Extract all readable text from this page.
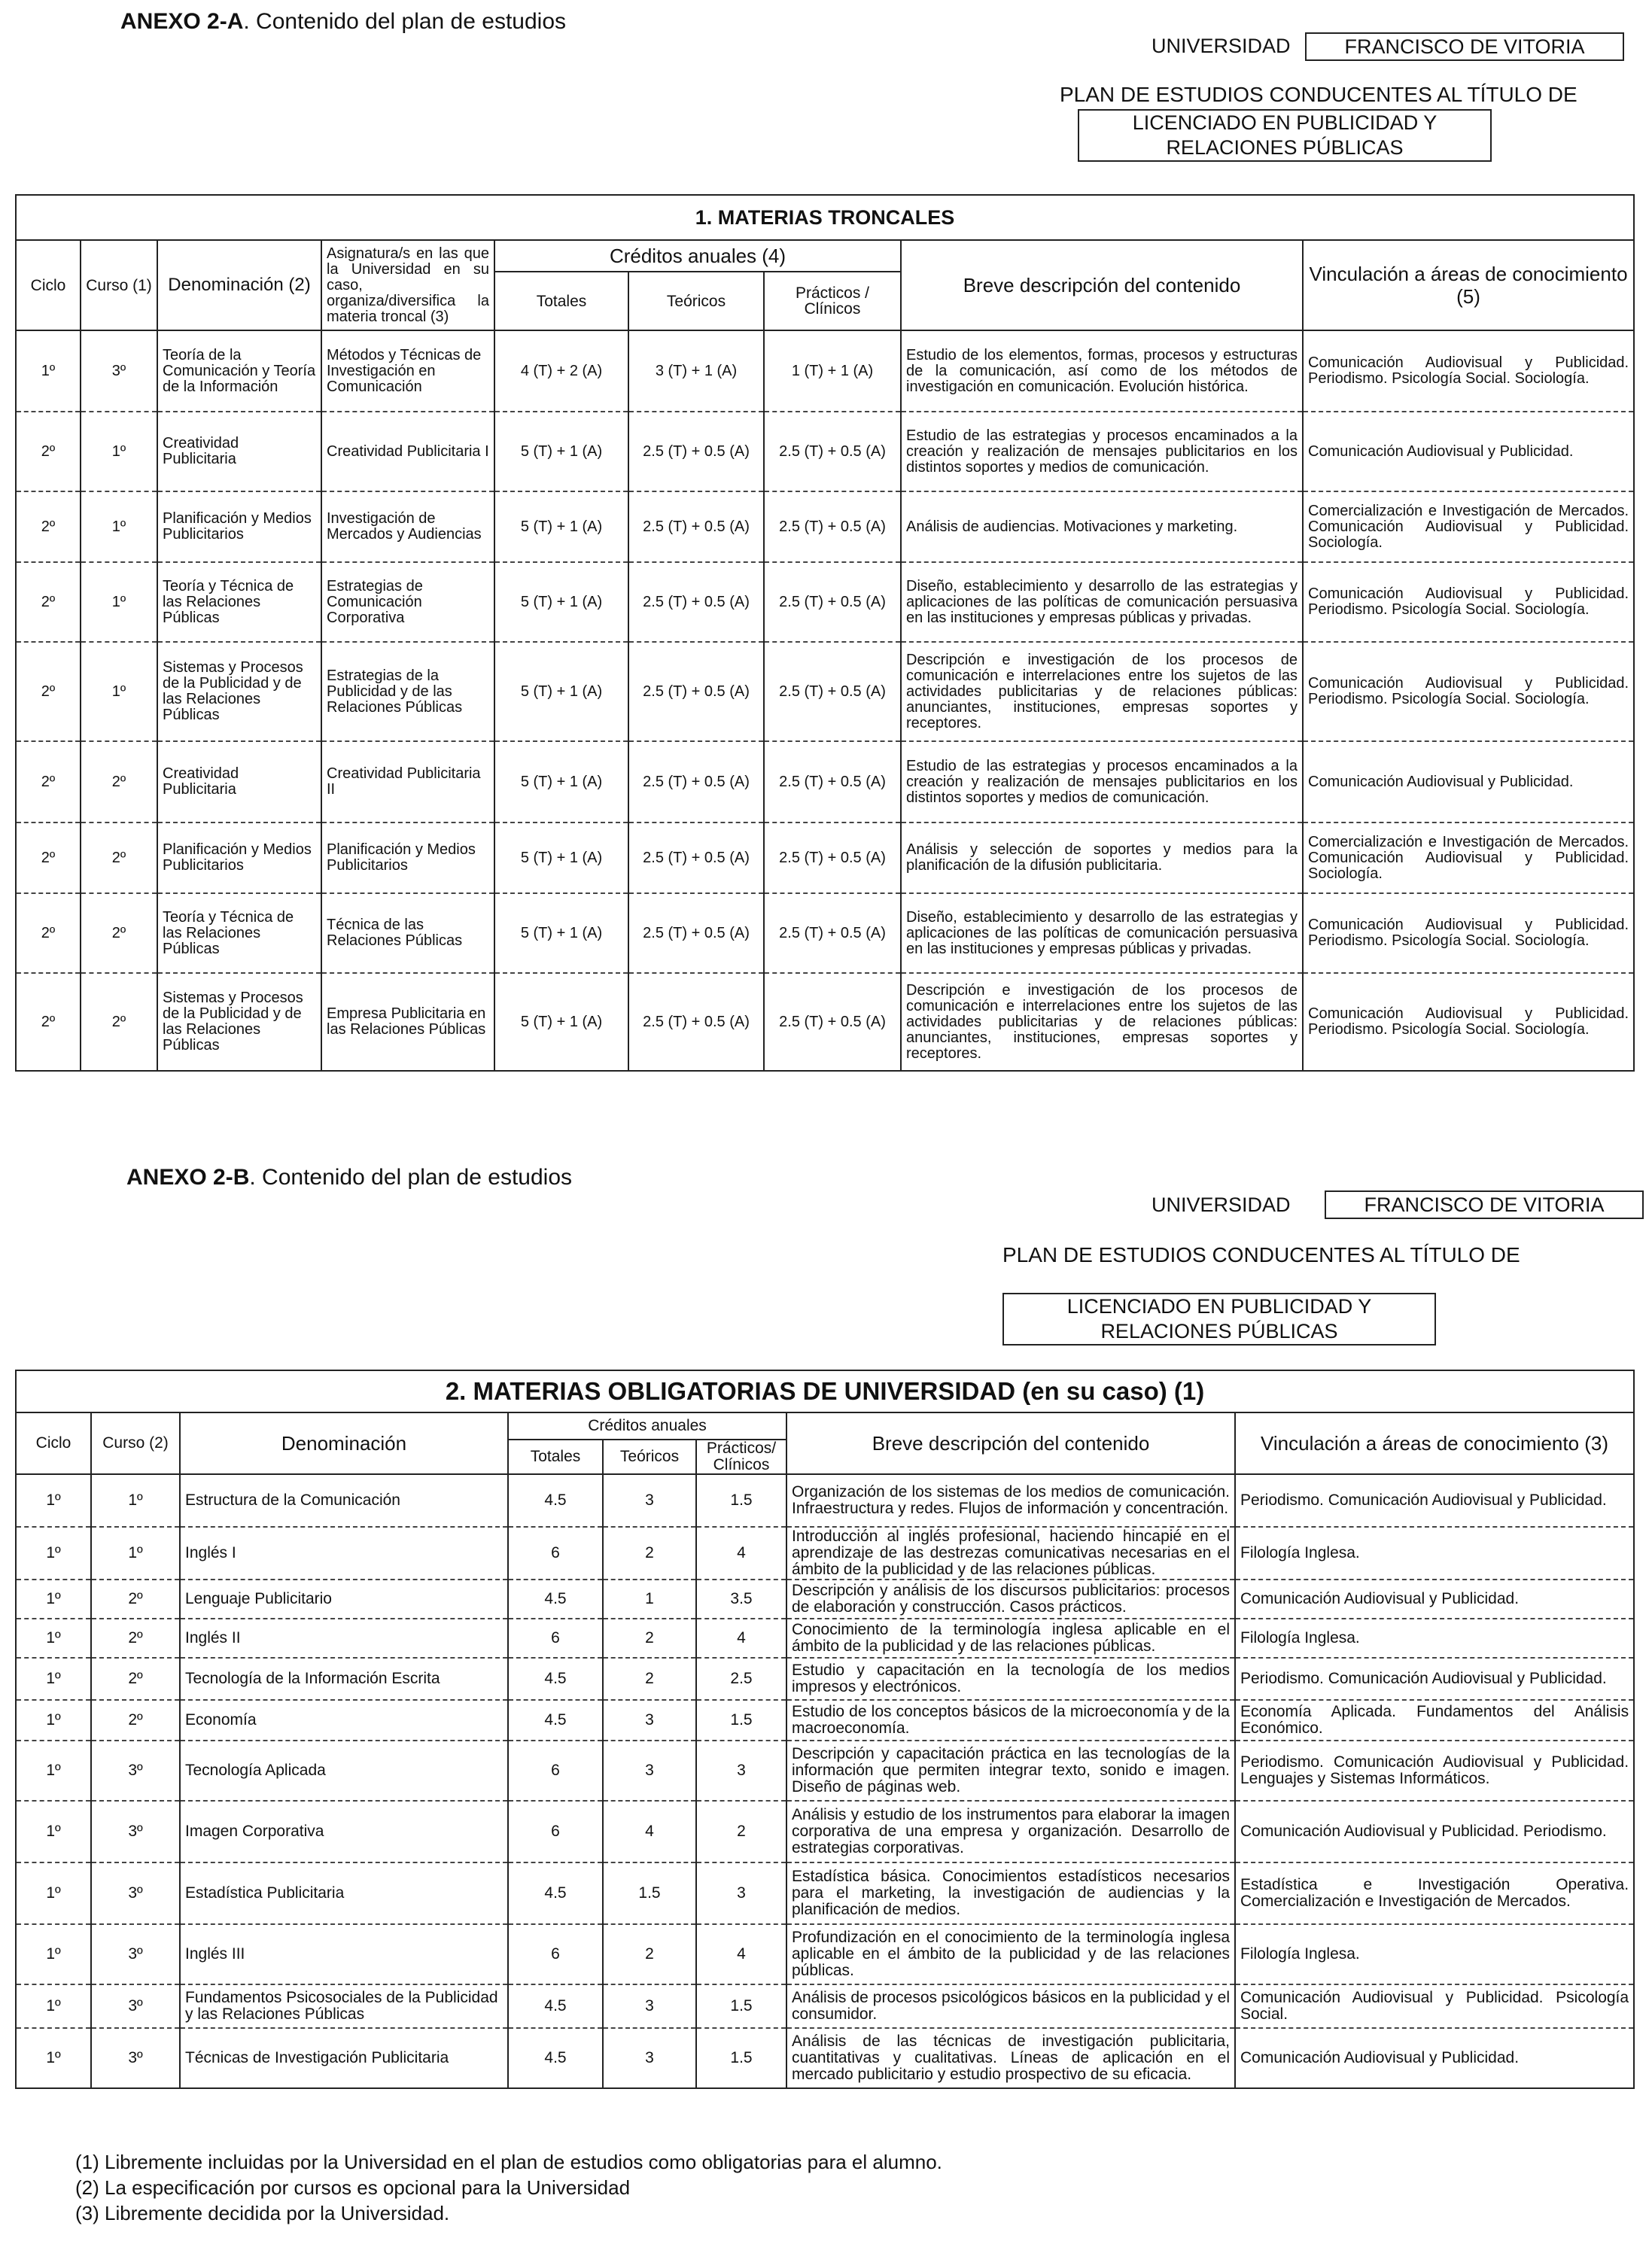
ANEXO 2-A. Contenido del plan de estudios
UNIVERSIDAD	FRANCISCO DE VITORIA
PLAN DE ESTUDIOS CONDUCENTES AL TÍTULO DE
LICENCIADO EN PUBLICIDAD Y
RELACIONES PÚBLICAS
1. MATERIAS TRONCALES								
Ciclo	Curso (1)	Denominación (2)	Asignatura/s en las que la Universidad en su caso, organiza/diversifica la materia troncal (3)	Créditos anuales (4)			Breve descripción del contenido	Vinculación a áreas de conocimiento (5)
				Totales	Teóricos	Prácticos / Clínicos		
1º	3º	Teoría de la Comunicación y Teoría de la Información	Métodos y Técnicas de Investigación en Comunicación	4 (T) + 2 (A)	3 (T) + 1 (A)	1 (T) + 1 (A)	Estudio de los elementos, formas, procesos y estructuras de la comunicación, así como de los métodos de investigación en comunicación. Evolución histórica.	Comunicación Audiovisual y Publicidad. Periodismo. Psicología Social. Sociología.
2º	1º	Creatividad Publicitaria	Creatividad Publicitaria I	5 (T) + 1 (A)	2.5 (T) + 0.5 (A)	2.5 (T) + 0.5 (A)	Estudio de las estrategias y procesos encaminados a la creación y realización de mensajes publicitarios en los distintos soportes y medios de comunicación.	Comunicación Audiovisual y Publicidad.
2º	1º	Planificación y Medios Publicitarios	Investigación de Mercados y Audiencias	5 (T) + 1 (A)	2.5 (T) + 0.5 (A)	2.5 (T) + 0.5 (A)	Análisis de audiencias. Motivaciones y marketing.	Comercialización e Investigación de Mercados. Comunicación Audiovisual y Publicidad. Sociología.
2º	1º	Teoría y Técnica de las Relaciones Públicas	Estrategias de Comunicación Corporativa	5 (T) + 1 (A)	2.5 (T) + 0.5 (A)	2.5 (T) + 0.5 (A)	Diseño, establecimiento y desarrollo de las estrategias y aplicaciones de las políticas de comunicación persuasiva en las instituciones y empresas públicas y privadas.	Comunicación Audiovisual y Publicidad. Periodismo. Psicología Social. Sociología.
2º	1º	Sistemas y Procesos de la Publicidad y de las Relaciones Públicas	Estrategias de la Publicidad y de las Relaciones Públicas	5 (T) + 1 (A)	2.5 (T) + 0.5 (A)	2.5 (T) + 0.5 (A)	Descripción e investigación de los procesos de comunicación e interrelaciones entre los sujetos de las actividades publicitarias y de relaciones públicas: anunciantes, instituciones, empresas soportes y receptores.	Comunicación Audiovisual y Publicidad. Periodismo. Psicología Social. Sociología.
2º	2º	Creatividad Publicitaria	Creatividad Publicitaria II	5 (T) + 1 (A)	2.5 (T) + 0.5 (A)	2.5 (T) + 0.5 (A)	Estudio de las estrategias y procesos encaminados a la creación y realización de mensajes publicitarios en los distintos soportes y medios de comunicación.	Comunicación Audiovisual y Publicidad.
2º	2º	Planificación y Medios Publicitarios	Planificación y Medios Publicitarios	5 (T) + 1 (A)	2.5 (T) + 0.5 (A)	2.5 (T) + 0.5 (A)	Análisis y selección de soportes y medios para la planificación de la difusión publicitaria.	Comercialización e Investigación de Mercados. Comunicación Audiovisual y Publicidad. Sociología.
2º	2º	Teoría y Técnica de las Relaciones Públicas	Técnica de las Relaciones Públicas	5 (T) + 1 (A)	2.5 (T) + 0.5 (A)	2.5 (T) + 0.5 (A)	Diseño, establecimiento y desarrollo de las estrategias y aplicaciones de las políticas de comunicación persuasiva en las instituciones y empresas públicas y privadas.	Comunicación Audiovisual y Publicidad. Periodismo. Psicología Social. Sociología.
2º	2º	Sistemas y Procesos de la Publicidad y de las Relaciones Públicas	Empresa Publicitaria en las Relaciones Públicas	5 (T) + 1 (A)	2.5 (T) + 0.5 (A)	2.5 (T) + 0.5 (A)	Descripción e investigación de los procesos de comunicación e interrelaciones entre los sujetos de las actividades publicitarias y de relaciones públicas: anunciantes, instituciones, empresas soportes y receptores.	Comunicación Audiovisual y Publicidad. Periodismo. Psicología Social. Sociología.
ANEXO 2-B. Contenido del plan de estudios
UNIVERSIDAD	FRANCISCO DE VITORIA
PLAN DE ESTUDIOS CONDUCENTES AL TÍTULO DE
LICENCIADO EN PUBLICIDAD Y
RELACIONES PÚBLICAS
2. MATERIAS OBLIGATORIAS DE UNIVERSIDAD (en su caso) (1)							
Ciclo	Curso (2)	Denominación	Créditos anuales			Breve descripción del contenido	Vinculación a áreas de conocimiento (3)
			Totales	Teóricos	Prácticos/ Clínicos		
1º	1º	Estructura de la Comunicación	4.5	3	1.5	Organización de los sistemas de los medios de comunicación. Infraestructura y redes. Flujos de información y concentración.	Periodismo. Comunicación Audiovisual y Publicidad.
1º	1º	Inglés I	6	2	4	Introducción al inglés profesional, haciendo hincapié en el aprendizaje de las destrezas comunicativas necesarias en el ámbito de la publicidad y de las relaciones públicas.	Filología Inglesa.
1º	2º	Lenguaje Publicitario	4.5	1	3.5	Descripción y análisis de los discursos publicitarios: procesos de elaboración y construcción. Casos prácticos.	Comunicación Audiovisual y Publicidad.
1º	2º	Inglés II	6	2	4	Conocimiento de la terminología inglesa aplicable en el ámbito de la publicidad y de las relaciones públicas.	Filología Inglesa.
1º	2º	Tecnología de la Información Escrita	4.5	2	2.5	Estudio y capacitación en la tecnología de los medios impresos y electrónicos.	Periodismo. Comunicación Audiovisual y Publicidad.
1º	2º	Economía	4.5	3	1.5	Estudio de los conceptos básicos de la microeconomía y de la macroeconomía.	Economía Aplicada. Fundamentos del Análisis Económico.
1º	3º	Tecnología Aplicada	6	3	3	Descripción y capacitación práctica en las tecnologías de la información que permiten integrar texto, sonido e imagen. Diseño de páginas web.	Periodismo. Comunicación Audiovisual y Publicidad. Lenguajes y Sistemas Informáticos.
1º	3º	Imagen Corporativa	6	4	2	Análisis y estudio de los instrumentos para elaborar la imagen corporativa de una empresa y organización. Desarrollo de estrategias corporativas.	Comunicación Audiovisual y Publicidad. Periodismo.
1º	3º	Estadística Publicitaria	4.5	1.5	3	Estadística básica. Conocimientos estadísticos necesarios para el marketing, la investigación de audiencias y la planificación de medios.	Estadística e Investigación Operativa. Comercialización e Investigación de Mercados.
1º	3º	Inglés III	6	2	4	Profundización en el conocimiento de la terminología inglesa aplicable en el ámbito de la publicidad y de las relaciones públicas.	Filología Inglesa.
1º	3º	Fundamentos Psicosociales de la Publicidad y las Relaciones Públicas	4.5	3	1.5	Análisis de procesos psicológicos básicos en la publicidad y el consumidor.	Comunicación Audiovisual y Publicidad. Psicología Social.
1º	3º	Técnicas de Investigación Publicitaria	4.5	3	1.5	Análisis de las técnicas de investigación publicitaria, cuantitativas y cualitativas. Líneas de aplicación en el mercado publicitario y estudio prospectivo de su eficacia.	Comunicación Audiovisual y Publicidad.
(1) Libremente incluidas por la Universidad en el plan de estudios como obligatorias para el alumno.
(2) La especificación por cursos es opcional para la Universidad
(3) Libremente decidida por la Universidad.
